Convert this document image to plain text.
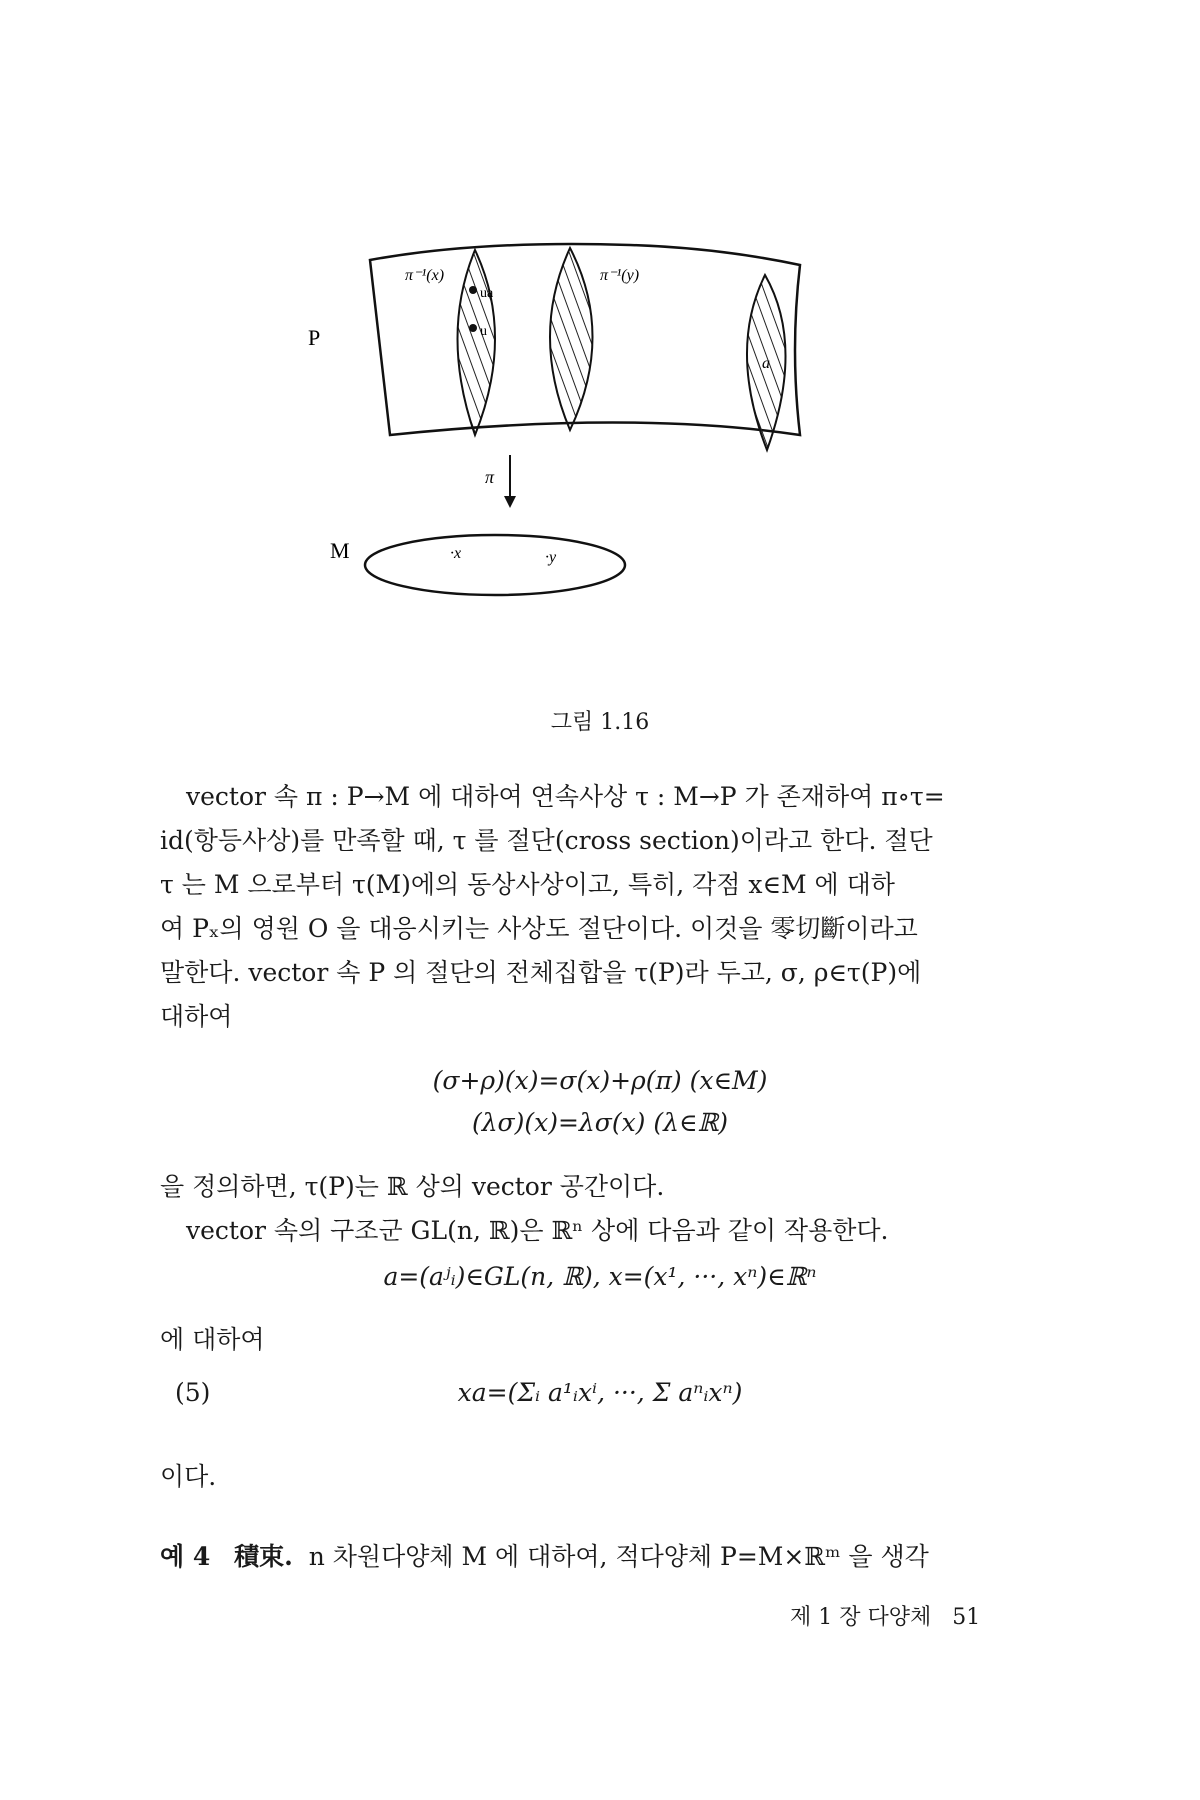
P
π⁻¹(x)	π⁻¹(y)
ua
u
a
π
M	·x	·y
그림 1.16

vector 속 π : P→M 에 대하여 연속사상 τ : M→P 가 존재하여 π∘τ=

id(항등사상)를 만족할 때, τ 를 절단(cross section)이라고 한다. 절단

τ 는 M 으로부터 τ(M)에의 동상사상이고, 특히, 각점 x∈M 에 대하

여 Pₓ의 영원 O 을 대응시키는 사상도 절단이다. 이것을 零切斷이라고

말한다. vector 속 P 의 절단의 전체집합을 τ(P)라 두고, σ, ρ∈τ(P)에

대하여

(σ+ρ)(x)=σ(x)+ρ(π) (x∈M)
(λσ)(x)=λσ(x) (λ∈ℝ)

을 정의하면, τ(P)는 ℝ 상의 vector 공간이다.

vector 속의 구조군 GL(n, ℝ)은 ℝⁿ 상에 다음과 같이 작용한다.

a=(aʲᵢ)∈GL(n, ℝ), x=(x¹, ···, xⁿ)∈ℝⁿ
에 대하여
(5)	xa=(Σᵢ a¹ᵢxⁱ, ···, Σ aⁿᵢxⁿ)
이다.

예 4 積束. n 차원다양체 M 에 대하여, 적다양체 P=M×ℝᵐ 을 생각

제 1 장 다양체 51
